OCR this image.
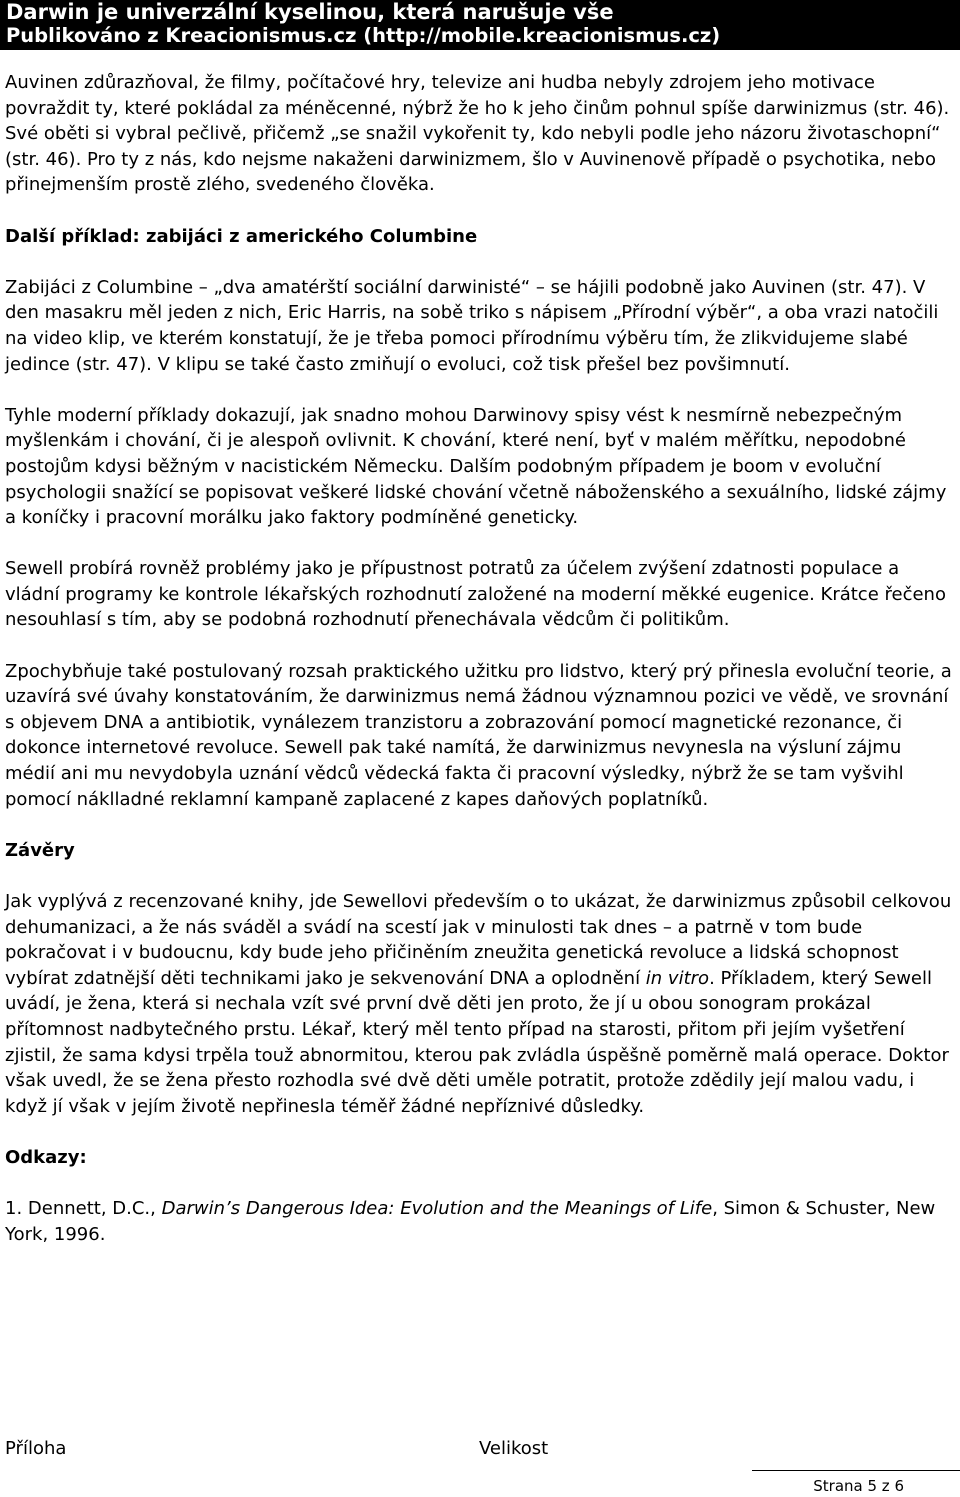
Darwin je univerzální kyselinou, která narušuje vše
Publikováno z Kreacionismus.cz (http://mobile.kreacionismus.cz)

Auvinen zdůrazňoval, že filmy, počítačové hry, televize ani hudba nebyly zdrojem jeho motivace povraždit ty, které pokládal za méněcenné, nýbrž že ho k jeho činům pohnul spíše darwinizmus (str. 46). Své oběti si vybral pečlivě, přičemž „se snažil vykořenit ty, kdo nebyli podle jeho názoru životaschopní“ (str. 46). Pro ty z nás, kdo nejsme nakaženi darwinizmem, šlo v Auvinenově případě o psychotika, nebo přinejmenším prostě zlého, svedeného člověka.

Další příklad: zabijáci z amerického Columbine

Zabijáci z Columbine – „dva amatérští sociální darwinisté“ – se hájili podobně jako Auvinen (str. 47). V den masakru měl jeden z nich, Eric Harris, na sobě triko s nápisem „Přírodní výběr“, a oba vrazi natočili na video klip, ve kterém konstatují, že je třeba pomoci přírodnímu výběru tím, že zlikvidujeme slabé jedince (str. 47). V klipu se také často zmiňují o evoluci, což tisk přešel bez povšimnutí.

Tyhle moderní příklady dokazují, jak snadno mohou Darwinovy spisy vést k nesmírně nebezpečným myšlenkám i chování, či je alespoň ovlivnit. K chování, které není, byť v malém měřítku, nepodobné postojům kdysi běžným v nacistickém Německu. Dalším podobným případem je boom v evoluční psychologii snažící se popisovat veškeré lidské chování včetně náboženského a sexuálního, lidské zájmy a koníčky i pracovní morálku jako faktory podmíněné geneticky.

Sewell probírá rovněž problémy jako je přípustnost potratů za účelem zvýšení zdatnosti populace a vládní programy ke kontrole lékařských rozhodnutí založené na moderní měkké eugenice. Krátce řečeno nesouhlasí s tím, aby se podobná rozhodnutí přenechávala vědcům či politikům.

Zpochybňuje také postulovaný rozsah praktického užitku pro lidstvo, který prý přinesla evoluční teorie, a uzavírá své úvahy konstatováním, že darwinizmus nemá žádnou významnou pozici ve vědě, ve srovnání s objevem DNA a antibiotik, vynálezem tranzistoru a zobrazování pomocí magnetické rezonance, či dokonce internetové revoluce. Sewell pak také namítá, že darwinizmus nevynesla na výsluní zájmu médií ani mu nevydobyla uznání vědců vědecká fakta či pracovní výsledky, nýbrž že se tam vyšvihl pomocí náklladné reklamní kampaně zaplacené z kapes daňových poplatníků.

Závěry

Jak vyplývá z recenzované knihy, jde Sewellovi především o to ukázat, že darwinizmus způsobil celkovou dehumanizaci, a že nás sváděl a svádí na scestí jak v minulosti tak dnes – a patrně v tom bude pokračovat i v budoucnu, kdy bude jeho přičiněním zneužita genetická revoluce a lidská schopnost vybírat zdatnější děti technikami jako je sekvenování DNA a oplodnění in vitro. Příkladem, který Sewell uvádí, je žena, která si nechala vzít své první dvě děti jen proto, že jí u obou sonogram prokázal přítomnost nadbytečného prstu. Lékař, který měl tento případ na starosti, přitom při jejím vyšetření zjistil, že sama kdysi trpěla touž abnormitou, kterou pak zvládla úspěšně poměrně malá operace. Doktor však uvedl, že se žena přesto rozhodla své dvě děti uměle potratit, protože zdědily její malou vadu, i když jí však v jejím životě nepřinesla téměř žádné nepříznivé důsledky.

Odkazy:

1. Dennett, D.C., Darwin’s Dangerous Idea: Evolution and the Meanings of Life, Simon & Schuster, New York, 1996.

Příloha	Velikost
Strana 5 z 6
